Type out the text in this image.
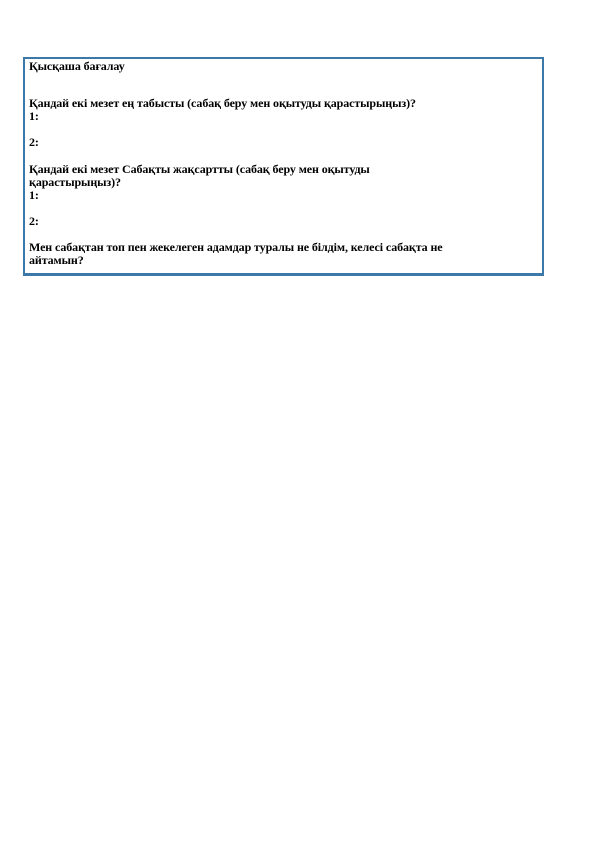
Қысқаша бағалау

Қандай екі мезет ең табысты (сабақ беру мен оқытуды қарастырыңыз)?

1:

2:

Қандай екі мезет Сабақты жақсартты (сабақ беру мен оқытуды

қарастырыңыз)?

1:

2:

Мен сабақтан топ пен жекелеген адамдар туралы не білдім, келесі сабақта не

айтамын?
